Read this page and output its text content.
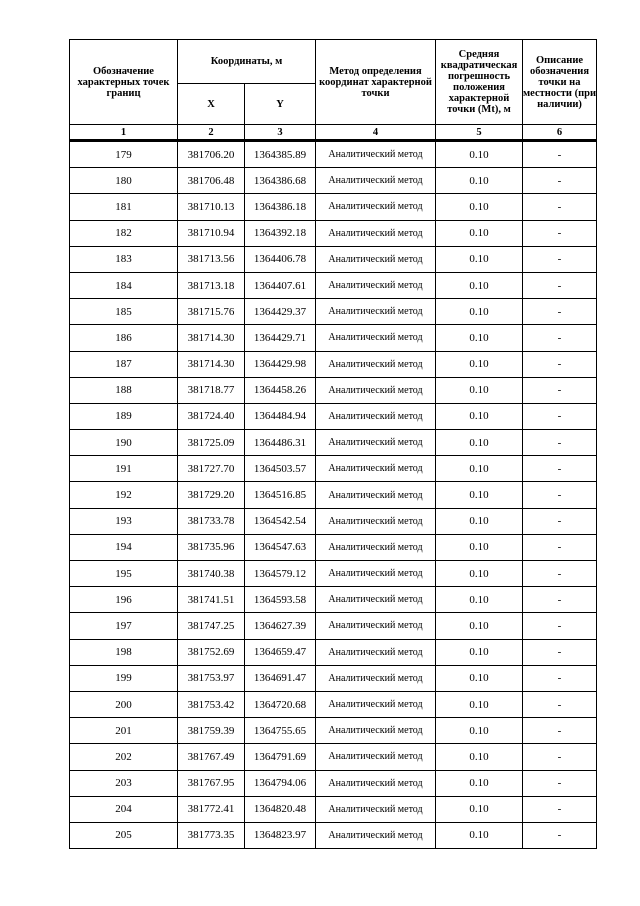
Обозначение характерных точек границ	Координаты, м		Метод определения координат характерной точки	Средняя квадратическая погрешность положения характерной точки (Mt), м	Описание обозначения точки на местности (при наличии)
	X	Y			
1	2	3	4	5	6
179	381706.20	1364385.89	Аналитический метод	0.10	-
180	381706.48	1364386.68	Аналитический метод	0.10	-
181	381710.13	1364386.18	Аналитический метод	0.10	-
182	381710.94	1364392.18	Аналитический метод	0.10	-
183	381713.56	1364406.78	Аналитический метод	0.10	-
184	381713.18	1364407.61	Аналитический метод	0.10	-
185	381715.76	1364429.37	Аналитический метод	0.10	-
186	381714.30	1364429.71	Аналитический метод	0.10	-
187	381714.30	1364429.98	Аналитический метод	0.10	-
188	381718.77	1364458.26	Аналитический метод	0.10	-
189	381724.40	1364484.94	Аналитический метод	0.10	-
190	381725.09	1364486.31	Аналитический метод	0.10	-
191	381727.70	1364503.57	Аналитический метод	0.10	-
192	381729.20	1364516.85	Аналитический метод	0.10	-
193	381733.78	1364542.54	Аналитический метод	0.10	-
194	381735.96	1364547.63	Аналитический метод	0.10	-
195	381740.38	1364579.12	Аналитический метод	0.10	-
196	381741.51	1364593.58	Аналитический метод	0.10	-
197	381747.25	1364627.39	Аналитический метод	0.10	-
198	381752.69	1364659.47	Аналитический метод	0.10	-
199	381753.97	1364691.47	Аналитический метод	0.10	-
200	381753.42	1364720.68	Аналитический метод	0.10	-
201	381759.39	1364755.65	Аналитический метод	0.10	-
202	381767.49	1364791.69	Аналитический метод	0.10	-
203	381767.95	1364794.06	Аналитический метод	0.10	-
204	381772.41	1364820.48	Аналитический метод	0.10	-
205	381773.35	1364823.97	Аналитический метод	0.10	-
